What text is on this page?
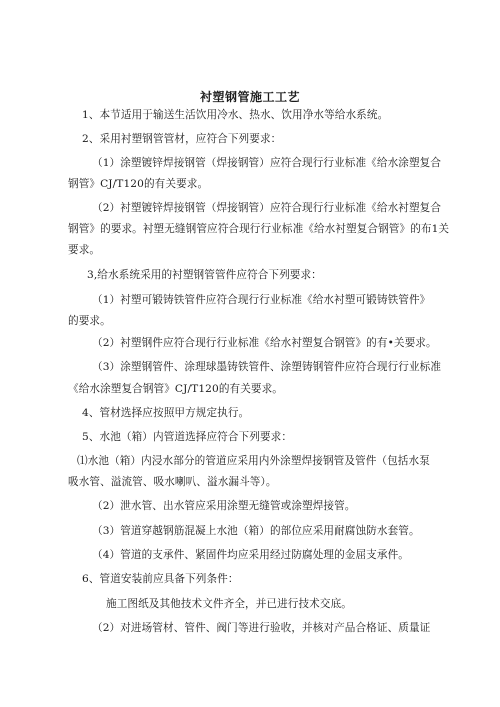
衬塑钢管施工工艺
1、本节适用于输送生活饮用冷水、热水、饮用净水等给水系统。
2、采用衬塑钢管管材，应符合下列要求：
（1）涂塑镀锌焊接钢管（焊接钢管）应符合现行行业标准《给水涂塑复合
钢管》CJ/T120的有关要求。
（2）衬塑镀锌焊接钢管（焊接钢管）应符合现行行业标准《给水衬塑复合
钢管》的要求。衬塑无缝钢管应符合现行行业标准《给水衬塑复合钢管》的布1关
要求。
3,给水系统采用的衬塑钢管管件应符合下列要求：
（1）衬塑可锻铸铁管件应符合现行行业标准《给水衬塑可锻铸铁管件》
的要求。
（2）衬塑钢件应符合现行行业标准《给水衬塑复合钢管》的有•关要求。
（3）涂塑钢管件、涂理球墨铸铁管件、涂塑铸钢管件应符合现行行业标准
《给水涂塑复合钢管》CJ/T120的有关要求。
4、管材选择应按照甲方规定执行。
5、水池（箱）内管道选择应符合下列要求：
⑴水池（箱）内浸水部分的管道应采用内外涂塑焊接钢管及管件（包括水泵
吸水管、溢流管、吸水喇叭、溢水漏斗等）。
（2）泄水管、出水管应采用涂塑无缝管或涂塑焊接管。
（3）管道穿越钢筋混凝上水池（箱）的部位应采用耐腐蚀防水套管。
（4）管道的支承件、紧固件均应采用经过防腐处理的金屈支承件。
6、管道安装前应具备下列条件：
施工图纸及其他技术文件齐全，并已进行技术交底。
（2）对进场管材、管件、阀门等进行验收，并核对产品合格证、质量证
